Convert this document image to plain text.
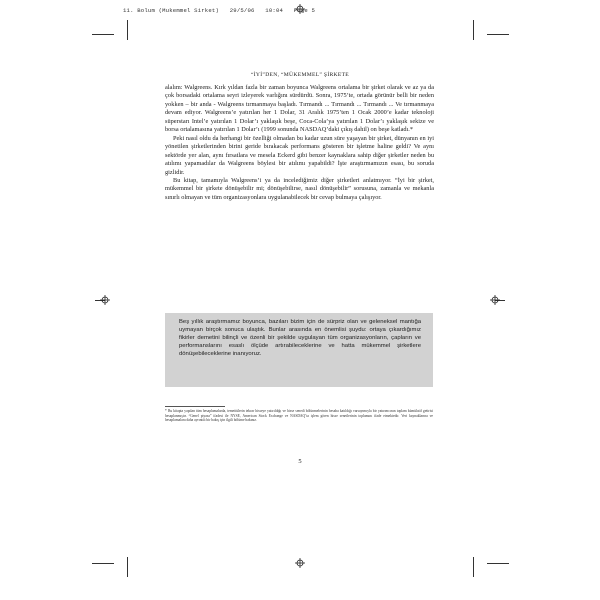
11. Bolum (Mukemmel Sirket)   29/5/06   10:04   Page 5
“İYİ”DEN, “MÜKEMMEL” ŞİRKETE

alalım: Walgreens. Kırk yıldan fazla bir zaman boyunca Walgreens ortalama bir şirket olarak ve az ya da çok borsadaki ortalama seyri izleyerek varlığını sürdürdü. Sonra, 1975’te, ortada görünür belli bir neden yokken – bir anda - Walgreens tırmanmaya başladı. Tırmandı ... Tırmandı ... Tırmandı ... Ve tırmanmaya devam ediyor. Walgreens’e yatırılan her 1 Dolar, 31 Aralık 1975’ten 1 Ocak 2000’e kadar teknoloji süperstarı Intel’e yatırılan 1 Dolar’ı yaklaşık beşe, Coca-Cola’ya yatırılan 1 Dolar’ı yaklaşık sekize ve borsa ortalamasına yatırılan 1 Dolar’ı (1999 sonunda NASDAQ’daki çıkış dahil) on beşe katladı.*

Peki nasıl oldu da herhangi bir özelliği olmadan bu kadar uzun süre yaşayan bir şirket, dünyanın en iyi yönetilen şirketlerinden birini geride bırakacak performans gösteren bir işletme haline geldi? Ve aynı sektörde yer alan, aynı fırsatlara ve mesela Eckerd gibi benzer kaynaklara sahip diğer şirketler neden bu atılımı yapamadılar da Walgreens böylesi bir atılımı yapabildi? İşte araştırmamızın esası, bu soruda gizlidir.

Bu kitap, tamamıyla Walgreens’i ya da incelediğimiz diğer şirketleri anlatmıyor. “İyi bir şirket, mükemmel bir şirkete dönüşebilir mi; dönüşebilirse, nasıl dönüşebilir” sorusuna, zamanla ve mekanla sınırlı olmayan ve tüm organizasyonlara uygulanabilecek bir cevap bulmaya çalışıyor.

Beş yıllık araştırmamız boyunca, bazıları bizim için de sürpriz olan ve geleneksel mantığa uymayan birçok sonuca ulaştık. Bunlar arasında en önemlisi şuydu: ortaya çıkardığımız fikirler demetini bilinçli ve özenli bir şekilde uygulayan tüm organizasyonların, çapların ve performanslarını esaslı ölçüde artırabileceklerine ve hatta mükemmel şirketlere dönüşebileceklerine inanıyoruz.
* Bu kitapta yapılan tüm hesaplamalarda, temettülerin tekrar hisseye yatırıldığı ve hisse senedi bölünmelerinin hesaba katıldığı varsayımıyla bir yatırımcının toplam kümülatif getirisi hesaplanmıştır. “Genel piyasa” ifadesi ile NYSE, American Stock Exchange ve NASDAQ’ta işlem gören hisse senetlerinin toplamını ifade etmektedir. Veri kaynaklarına ve hesaplamalara daha ayrıntılı bir bakış için ilgili bölüme bakınız.
5
